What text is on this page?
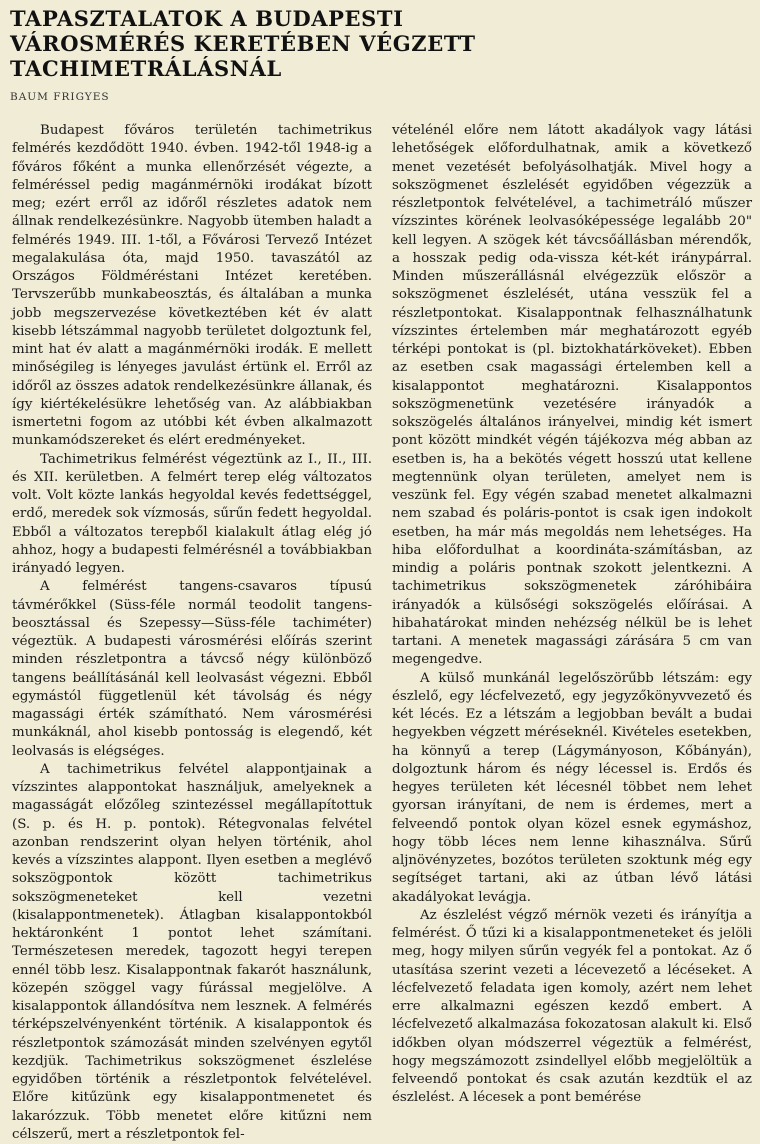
TAPASZTALATOK A BUDAPESTI
VÁROSMÉRÉS KERETÉBEN VÉGZETT TACHIMETRÁLÁSNÁL
BAUM FRIGYES

Budapest főváros területén tachimetrikus felmérés kezdődött 1940. évben. 1942-től 1948-ig a főváros főként a munka ellenőrzését végezte, a felméréssel pedig magánmérnöki irodákat bízott meg; ezért erről az időről részletes adatok nem állnak rendelkezésünkre. Nagyobb ütemben haladt a felmérés 1949. III. 1-től, a Fővárosi Tervező Intézet megalakulása óta, majd 1950. tavaszától az Országos Földméréstani Intézet keretében. Tervszerűbb munkabeosztás, és általában a munka jobb megszervezése következtében két év alatt kisebb létszámmal nagyobb területet dolgoztunk fel, mint hat év alatt a magánmérnöki irodák. E mellett minőségileg is lényeges javulást értünk el. Erről az időről az összes adatok rendelkezésünkre állanak, és így kiértékelésükre lehetőség van. Az alábbiakban ismertetni fogom az utóbbi két évben alkalmazott munkamódszereket és elért eredményeket.

Tachimetrikus felmérést végeztünk az I., II., III. és XII. kerületben. A felmért terep elég változatos volt. Volt közte lankás hegyoldal kevés fedettséggel, erdő, meredek sok vízmosás, sűrűn fedett hegyoldal. Ebből a változatos terepből kialakult átlag elég jó ahhoz, hogy a budapesti felmérésnél a továbbiakban irányadó legyen.

A felmérést tangens-csavaros típusú távmérőkkel (Süss-féle normál teodolit tangens-beosztással és Szepessy—Süss-féle tachiméter) végeztük. A budapesti városmérési előírás szerint minden részletpontra a távcső négy különböző tangens beállításánál kell leolvasást végezni. Ebből egymástól függetlenül két távolság és négy magassági érték számítható. Nem városmérési munkáknál, ahol kisebb pontosság is elegendő, két leolvasás is elégséges.

A tachimetrikus felvétel alappontjainak a vízszintes alappontokat használjuk, amelyeknek a magasságát előzőleg szintezéssel megállapítottuk (S. p. és H. p. pontok). Rétegvonalas felvétel azonban rendszerint olyan helyen történik, ahol kevés a vízszintes alappont. Ilyen esetben a meglévő sokszögpontok között tachimetrikus sokszögmeneteket kell vezetni (kisalappontmenetek). Átlagban kisalappontokból hektáronként 1 pontot lehet számítani. Természetesen meredek, tagozott hegyi terepen ennél több lesz. Kisalappontnak fakarót használunk, közepén szöggel vagy fúrással megjelölve. A kisalappontok állandósítva nem lesznek. A felmérés térképszelvényenként történik. A kisalappontok és részletpontok számozását minden szelvényen egytől kezdjük. Tachimetrikus sokszögmenet észlelése egyidőben történik a részletpontok felvételével. Előre kitűzünk egy kisalappontmenetet és lakarózzuk. Több menetet előre kitűzni nem célszerű, mert a részletpontok fel-

vételénél előre nem látott akadályok vagy látási lehetőségek előfordulhatnak, amik a következő menet vezetését befolyásolhatják. Mivel hogy a sokszögmenet észlelését egyidőben végezzük a részletpontok felvételével, a tachimetráló műszer vízszintes körének leolvasóképessége legalább 20" kell legyen. A szögek két távcsőállásban mérendők, a hosszak pedig oda-vissza két-két iránypárral. Minden műszerállásnál elvégezzük először a sokszögmenet észlelését, utána vesszük fel a részletpontokat. Kisalappontnak felhasználhatunk vízszintes értelemben már meghatározott egyéb térképi pontokat is (pl. biztokhatárköveket). Ebben az esetben csak magassági értelemben kell a kisalappontot meghatározni. Kisalappontos sokszögmenetünk vezetésére irányadók a sokszögelés általános irányelvei, mindig két ismert pont között mindkét végén tájékozva még abban az esetben is, ha a bekötés végett hosszú utat kellene megtennünk olyan területen, amelyet nem is veszünk fel. Egy végén szabad menetet alkalmazni nem szabad és poláris-pontot is csak igen indokolt esetben, ha már más megoldás nem lehetséges. Ha hiba előfordulhat a koordináta-számításban, az mindig a poláris pontnak szokott jelentkezni. A tachimetrikus sokszögmenetek záróhibáira irányadók a külsőségi sokszögelés előírásai. A hibahatárokat minden nehézség nélkül be is lehet tartani. A menetek magassági zárására 5 cm van megengedve.

A külső munkánál legelőszörűbb létszám: egy észlelő, egy lécfelvezető, egy jegyzőkönyvvezető és két lécés. Ez a létszám a legjobban bevált a budai hegyekben végzett méréseknél. Kivételes esetekben, ha könnyű a terep (Lágymányoson, Kőbányán), dolgoztunk három és négy lécessel is. Erdős és hegyes területen két lécesnél többet nem lehet gyorsan irányítani, de nem is érdemes, mert a felveendő pontok olyan közel esnek egymáshoz, hogy több léces nem lenne kihasználva. Sűrű aljnövényzetes, bozótos területen szoktunk még egy segítséget tartani, aki az útban lévő látási akadályokat levágja.

Az észlelést végző mérnök vezeti és irányítja a felmérést. Ő tűzi ki a kisalappontmeneteket és jelöli meg, hogy milyen sűrűn vegyék fel a pontokat. Az ő utasítása szerint vezeti a lécevezető a lécéseket. A lécfelvezető feladata igen komoly, azért nem lehet erre alkalmazni egészen kezdő embert. A lécfelvezető alkalmazása fokozatosan alakult ki. Első időkben olyan módszerrel végeztük a felmérést, hogy megszámozott zsindellyel előbb megjelöltük a felveendő pontokat és csak azután kezdtük el az észlelést. A lécesek a pont bemérése
